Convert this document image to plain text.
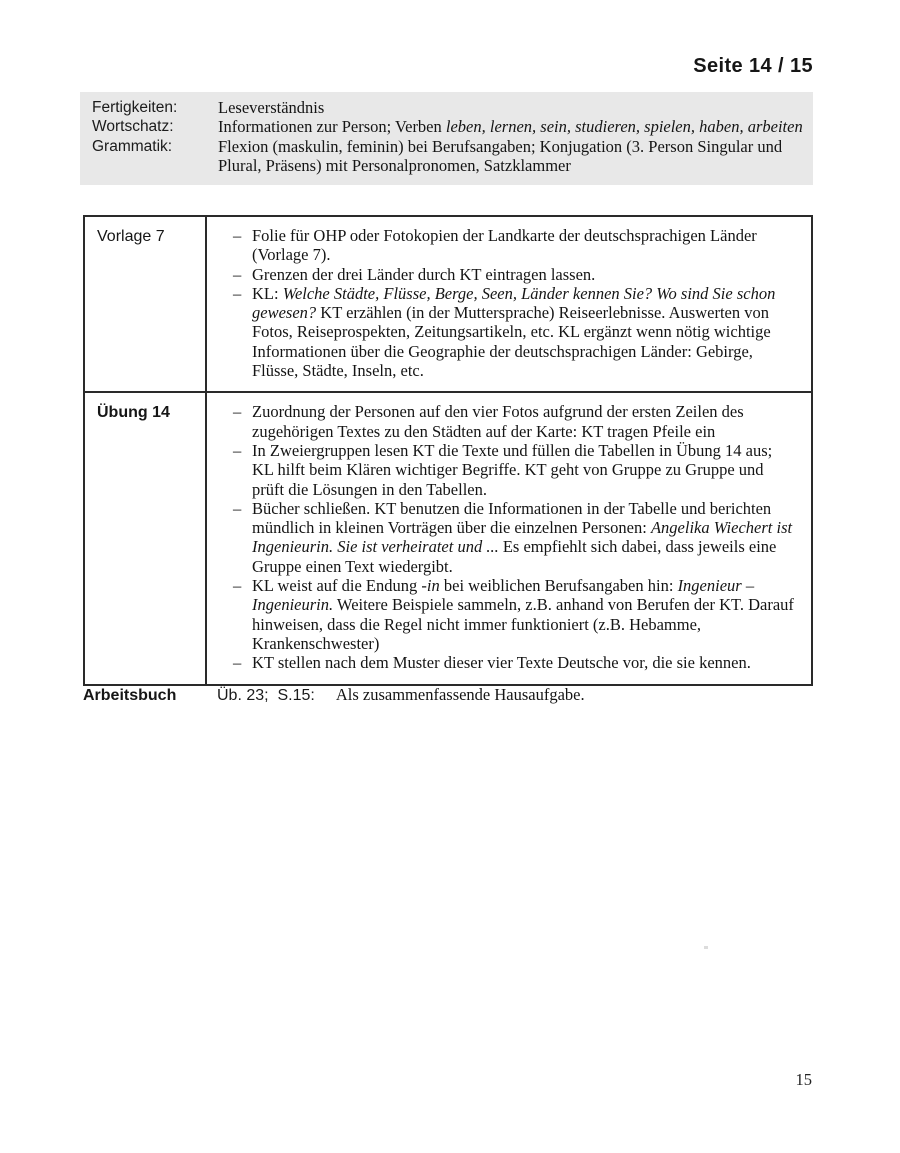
Seite 14 / 15
Fertigkeiten:	Leseverständnis
Wortschatz:	Informationen zur Person; Verben leben, lernen, sein, studieren, spielen, haben, arbeiten
Grammatik:	Flexion (maskulin, feminin) bei Berufsangaben; Konjugation (3. Person Singular und Plural, Präsens) mit Personalpronomen, Satzklammer
Vorlage 7	– Folie für OHP oder Fotokopien der Landkarte der deutschsprachigen Länder (Vorlage 7).
– Grenzen der drei Länder durch KT eintragen lassen.
– KL: Welche Städte, Flüsse, Berge, Seen, Länder kennen Sie? Wo sind Sie schon gewesen? KT erzählen (in der Muttersprache) Reiseerlebnisse. Auswerten von Fotos, Reiseprospekten, Zeitungsartikeln, etc. KL ergänzt wenn nötig wichtige Informationen über die Geographie der deutschsprachigen Länder: Gebirge, Flüsse, Städte, Inseln, etc.
Übung 14	– Zuordnung der Personen auf den vier Fotos aufgrund der ersten Zeilen des zugehörigen Textes zu den Städten auf der Karte: KT tragen Pfeile ein
– In Zweiergruppen lesen KT die Texte und füllen die Tabellen in Übung 14 aus; KL hilft beim Klären wichtiger Begriffe. KT geht von Gruppe zu Gruppe und prüft die Lösungen in den Tabellen.
– Bücher schließen. KT benutzen die Informationen in der Tabelle und berichten mündlich in kleinen Vorträgen über die einzelnen Personen: Angelika Wiechert ist Ingenieurin. Sie ist verheiratet und ... Es empfiehlt sich dabei, dass jeweils eine Gruppe einen Text wiedergibt.
– KL weist auf die Endung -in bei weiblichen Berufsangaben hin: Ingenieur – Ingenieurin. Weitere Beispiele sammeln, z.B. anhand von Berufen der KT. Darauf hinweisen, dass die Regel nicht immer funktioniert (z.B. Hebamme, Krankenschwester)
– KT stellen nach dem Muster dieser vier Texte Deutsche vor, die sie kennen.
Arbeitsbuch	Üb. 23;  S.15: Als zusammenfassende Hausaufgabe.
15
